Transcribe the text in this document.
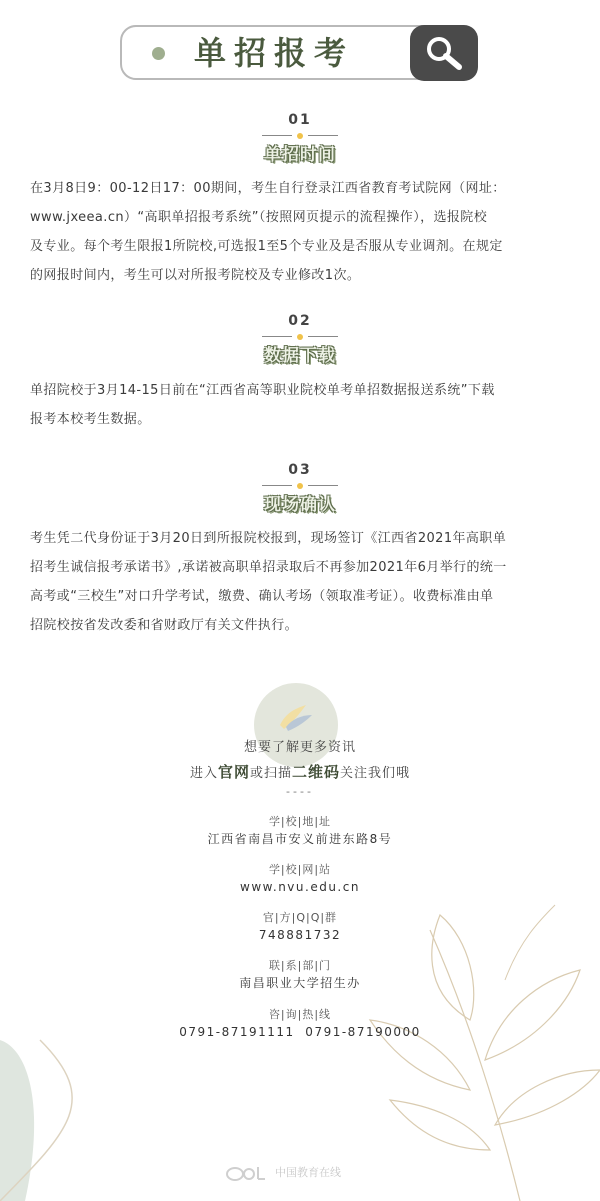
单招报考
01
单招时间
在3月8日9：00-12日17：00期间，考生自行登录江西省教育考试院网（网址：
www.jxeea.cn）“高职单招报考系统”（按照网页提示的流程操作），选报院校
及专业。每个考生限报1所院校,可选报1至5个专业及是否服从专业调剂。在规定
的网报时间内，考生可以对所报考院校及专业修改1次。
02
数据下载
单招院校于3月14-15日前在“江西省高等职业院校单考单招数据报送系统”下载
报考本校考生数据。
03
现场确认
考生凭二代身份证于3月20日到所报院校报到，现场签订《江西省2021年高职单
招考生诚信报考承诺书》,承诺被高职单招录取后不再参加2021年6月举行的统一
高考或“三校生”对口升学考试，缴费、确认考场（领取准考证）。收费标准由单
招院校按省发改委和省财政厅有关文件执行。
想要了解更多资讯
进入官网或扫描二维码关注我们哦
----
学|校|地|址
江西省南昌市安义前进东路8号
学|校|网|站
www.nvu.edu.cn
官|方|Q|Q|群
748881732
联|系|部|门
南昌职业大学招生办
咨|询|热|线
0791-87191111  0791-87190000
中国教育在线
